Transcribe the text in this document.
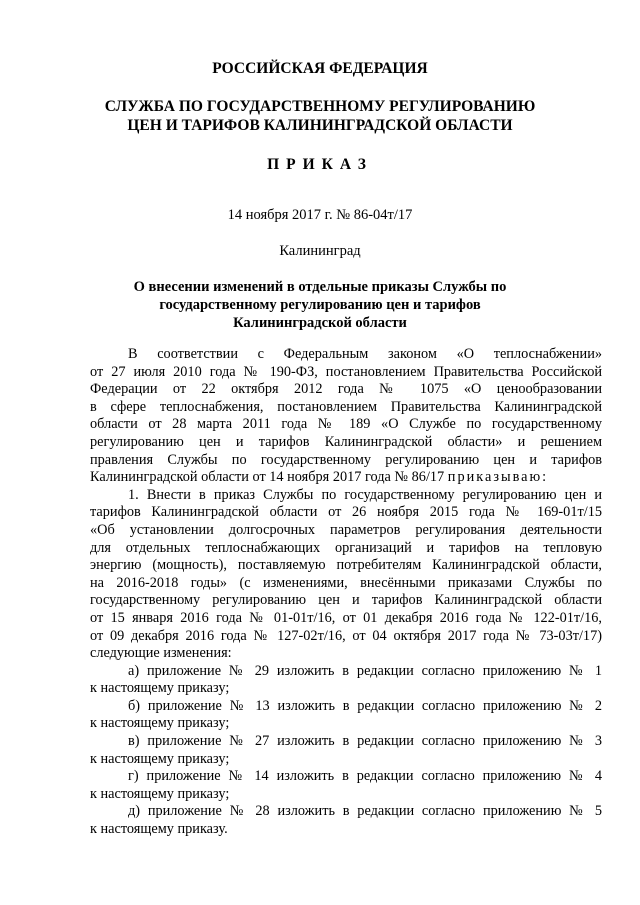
РОССИЙСКАЯ ФЕДЕРАЦИЯ
СЛУЖБА ПО ГОСУДАРСТВЕННОМУ РЕГУЛИРОВАНИЮ
ЦЕН И ТАРИФОВ КАЛИНИНГРАДСКОЙ ОБЛАСТИ
ПРИКАЗ
14 ноября 2017 г. № 86-04т/17
Калининград
О внесении изменений в отдельные приказы Службы по
государственному регулированию цен и тарифов
Калининградской области
В соответствии с Федеральным законом «О теплоснабжении»
от 27 июля 2010 года № 190-ФЗ, постановлением Правительства Российской
Федерации от 22 октября 2012 года № 1075 «О ценообразовании
в сфере теплоснабжения, постановлением Правительства Калининградской
области от 28 марта 2011 года № 189 «О Службе по государственному
регулированию цен и тарифов Калининградской области» и решением
правления Службы по государственному регулированию цен и тарифов
Калининградской области от 14 ноября 2017 года № 86/17 приказываю:
1. Внести в приказ Службы по государственному регулированию цен и
тарифов Калининградской области от 26 ноября 2015 года № 169-01т/15
«Об установлении долгосрочных параметров регулирования деятельности
для отдельных теплоснабжающих организаций и тарифов на тепловую
энергию (мощность), поставляемую потребителям Калининградской области,
на 2016-2018 годы» (с изменениями, внесёнными приказами Службы по
государственному регулированию цен и тарифов Калининградской области
от 15 января 2016 года № 01-01т/16, от 01 декабря 2016 года № 122-01т/16,
от 09 декабря 2016 года № 127-02т/16, от 04 октября 2017 года № 73-03т/17)
следующие изменения:
а) приложение № 29 изложить в редакции согласно приложению № 1
к настоящему приказу;
б) приложение № 13 изложить в редакции согласно приложению № 2
к настоящему приказу;
в) приложение № 27 изложить в редакции согласно приложению № 3
к настоящему приказу;
г) приложение № 14 изложить в редакции согласно приложению № 4
к настоящему приказу;
д) приложение № 28 изложить в редакции согласно приложению № 5
к настоящему приказу.
